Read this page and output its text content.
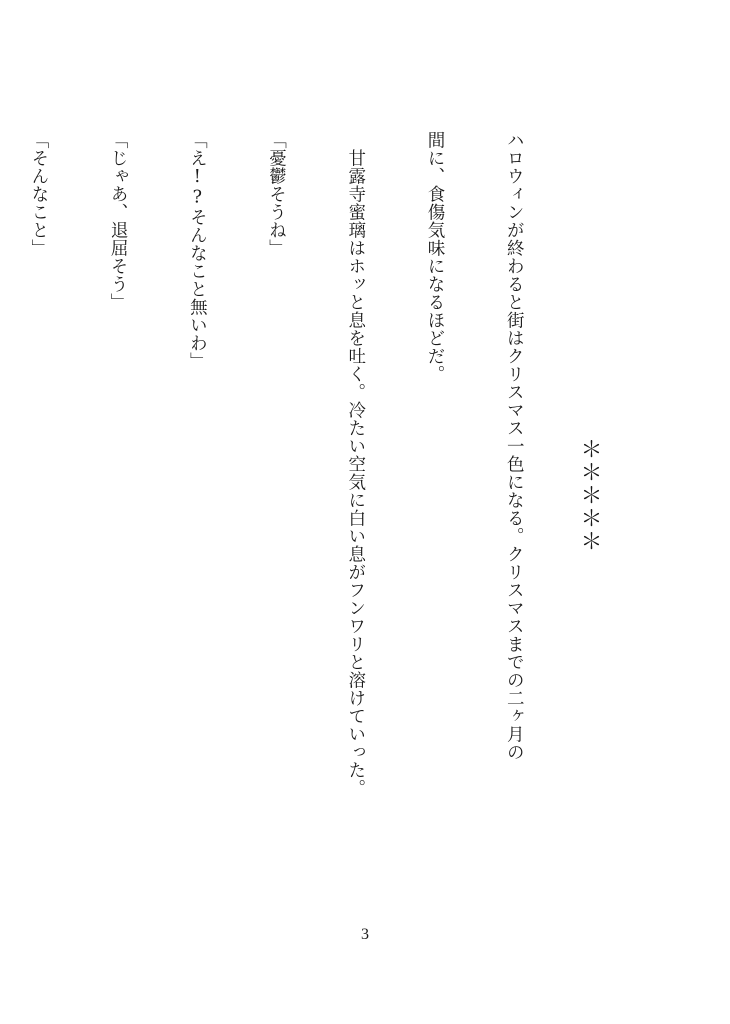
＊＊＊＊＊

ハロウィンが終わると街はクリスマス一色になる。クリスマスまでの二ヶ月の

間に、食傷気味になるほどだ。

　甘露寺蜜璃はホッと息を吐く。冷たい空気に白い息がフンワリと溶けていった。

「憂鬱そうね」

「え!?そんなこと無いわ」

「じゃあ、退屈そう」

「そんなこと」

3
